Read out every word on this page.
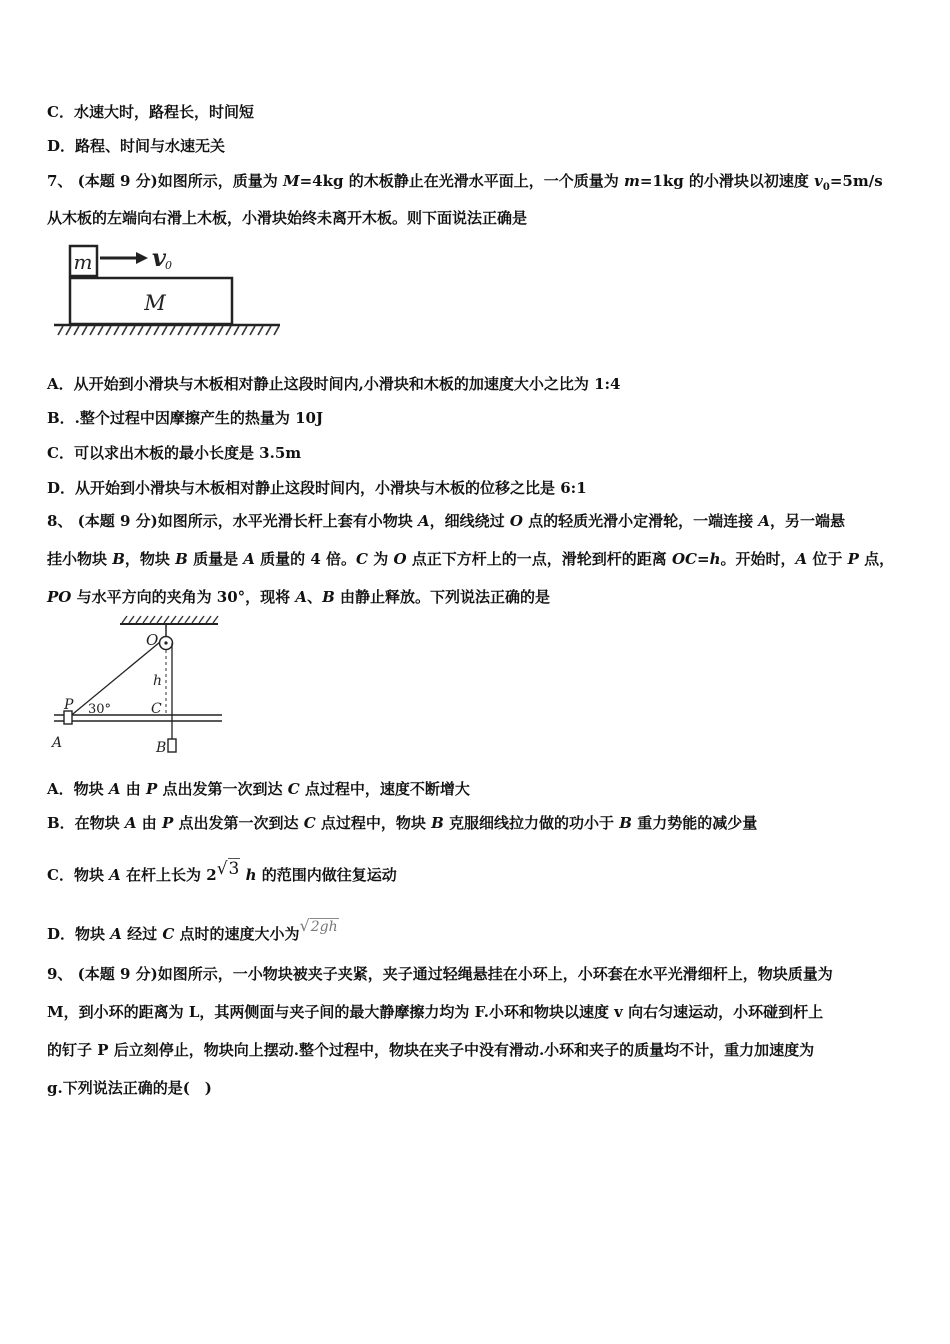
C．水速大时，路程长，时间短
D．路程、时间与水速无关
7、 (本题 9 分)如图所示，质量为 M=4kg 的木板静止在光滑水平面上，一个质量为 m=1kg 的小滑块以初速度 $v_0=5m/s$
从木板的左端向右滑上木板，小滑块始终未离开木板。则下面说法正确是
m v 0
M
A．从开始到小滑块与木板相对静止这段时间内,小滑块和木板的加速度大小之比为 1:4
B．.整个过程中因摩擦产生的热量为 10J
C．可以求出木板的最小长度是 3.5m
D．从开始到小滑块与木板相对静止这段时间内，小滑块与木板的位移之比是 6:1
8、 (本题 9 分)如图所示，水平光滑长杆上套有小物块 A，细线绕过 O 点的轻质光滑小定滑轮，一端连接 A，另一端悬
挂小物块 B，物块 B 质量是 A 质量的 4 倍。C 为 O 点正下方杆上的一点，滑轮到杆的距离 OC=h。开始时，A 位于 P 点，
PO 与水平方向的夹角为 30°，现将 A、B 由静止释放。下列说法正确的是
O
h
P 30°	C
A	B
A．物块 A 由 P 点出发第一次到达 C 点过程中，速度不断增大
B．在物块 A 由 P 点出发第一次到达 C 点过程中，物块 B 克服细线拉力做的功小于 B 重力势能的减少量
C．物块 A 在杆上长为 2√3 h 的范围内做往复运动
D．物块 A 经过 C 点时的速度大小为√2gh
9、 (本题 9 分)如图所示，一小物块被夹子夹紧，夹子通过轻绳悬挂在小环上，小环套在水平光滑细杆上，物块质量为
M，到小环的距离为 L，其两侧面与夹子间的最大静摩擦力均为 F.小环和物块以速度 v 向右匀速运动，小环碰到杆上
的钉子 P 后立刻停止，物块向上摆动.整个过程中，物块在夹子中没有滑动.小环和夹子的质量均不计，重力加速度为
g.下列说法正确的是(　)
